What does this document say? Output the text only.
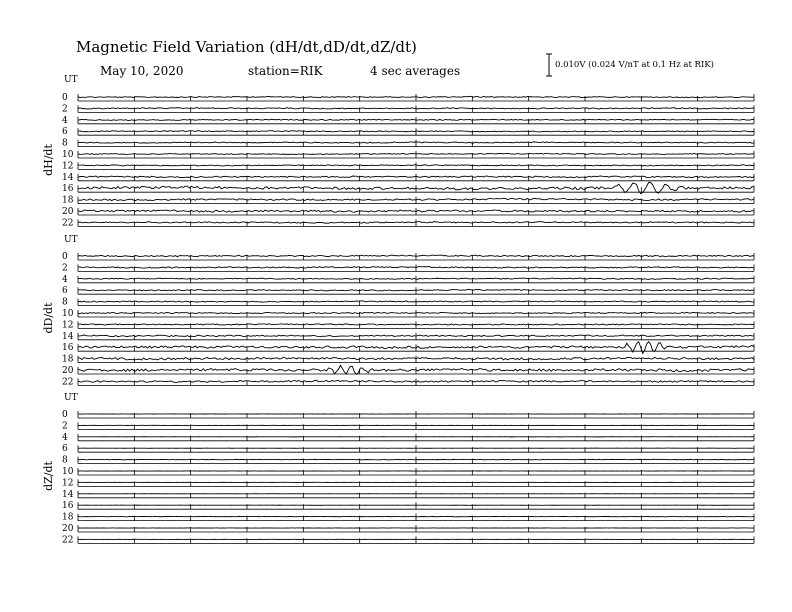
Magnetic Field Variation (dH/dt,dD/dt,dZ/dt)
May 10, 2020	station=RIK	4 sec averages	0.010V (0.024 V/nT at 0.1 Hz at RIK)
UT
dH/dt
0
2
4
6
8
10
12
14
16
18
20
22
UT
dD/dt
0
2
4
6
8
10
12
14
16
18
20
22
UT
dZ/dt
0
2
4
6
8
10
12
14
16
18
20
22
